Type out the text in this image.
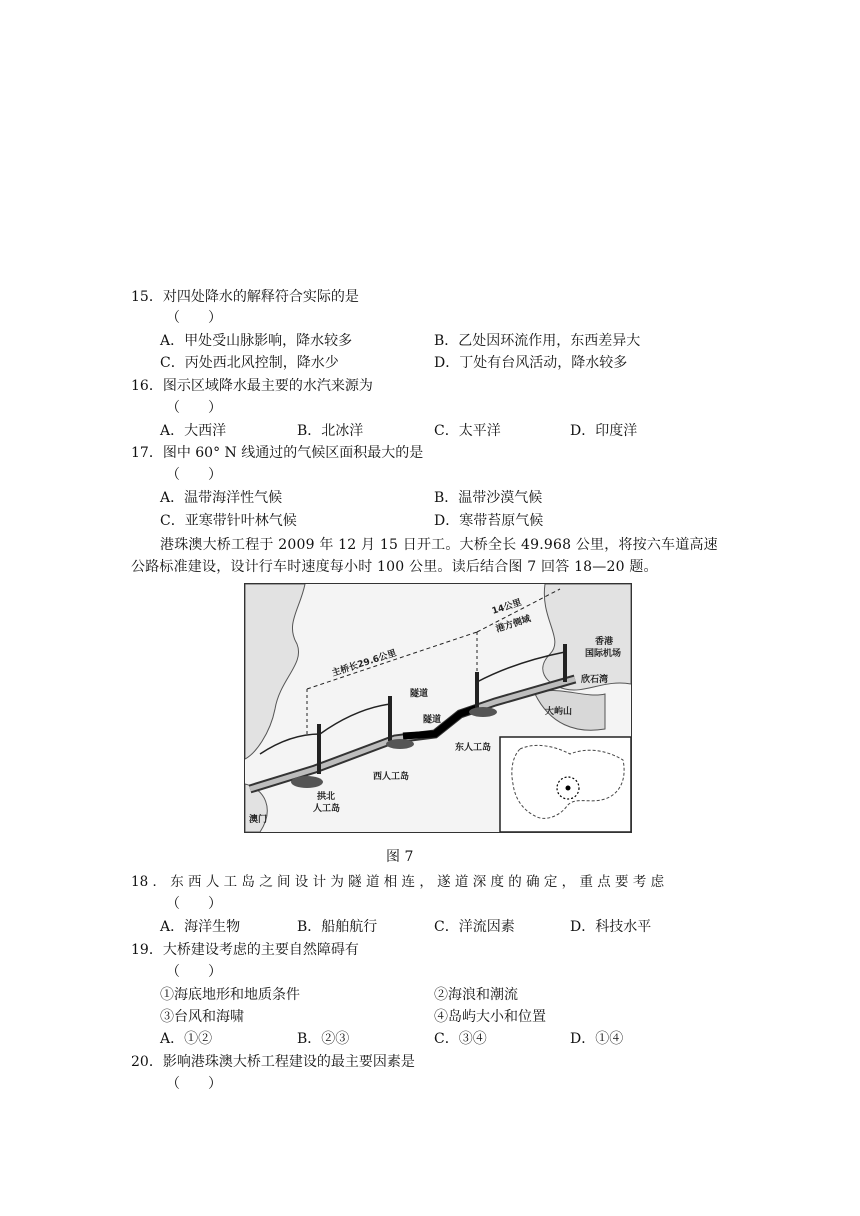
15．对四处降水的解释符合实际的是
（　　）
A．甲处受山脉影响，降水较多	B．乙处因环流作用，东西差异大
C．丙处西北风控制，降水少	D．丁处有台风活动，降水较多
16．图示区域降水最主要的水汽来源为
（　　）
A．大西洋	B．北冰洋	C．太平洋	D．印度洋
17．图中 60° N 线通过的气候区面积最大的是
（　　）
A．温带海洋性气候	B．温带沙漠气候
C．亚寒带针叶林气候	D．寒带苔原气候
港珠澳大桥工程于 2009 年 12 月 15 日开工。大桥全长 49.968 公里，将按六车道高速
公路标准建设，设计行车时速度每小时 100 公里。读后结合图 7 回答 18—20 题。
主桥长29.6公里
14公里
港方侧域
隧道
隧道
西人工岛
东人工岛
拱北
人工岛
澳门
香港
国际机场
欣石湾
大屿山
图 7
18 ． 东 西 人 工 岛 之 间 设 计 为 隧 道 相 连 ， 遂 道 深 度 的 确 定 ， 重 点 要 考 虑
（　　）
A．海洋生物	B．船舶航行	C．洋流因素	D．科技水平
19．大桥建设考虑的主要自然障碍有
（　　）
①海底地形和地质条件	②海浪和潮流
③台风和海啸	④岛屿大小和位置
A．①②	B．②③	C．③④	D．①④
20．影响港珠澳大桥工程建设的最主要因素是
（　　）
